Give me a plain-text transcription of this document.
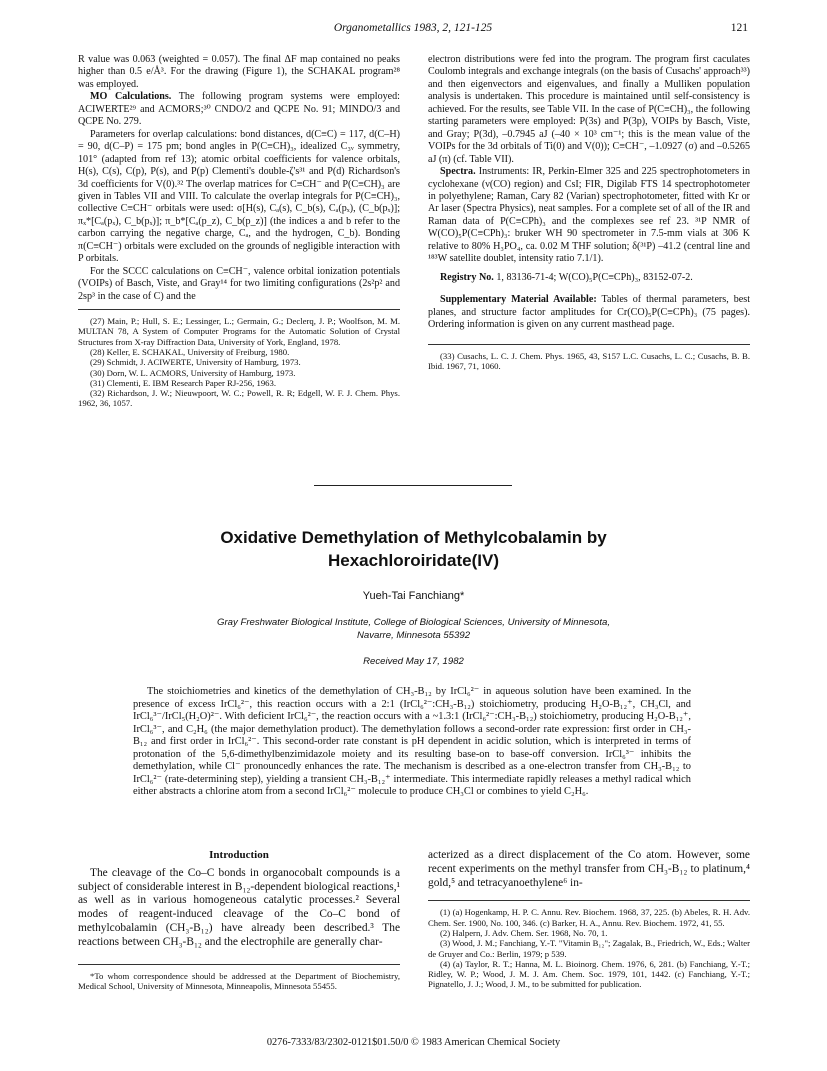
Organometallics 1983, 2, 121-125	121

R value was 0.063 (weighted = 0.057). The final ΔF map contained no peaks higher than 0.5 e/Å³. For the drawing (Figure 1), the SCHAKAL program²⁸ was employed.

MO Calculations. The following program systems were employed: ACIWERTE²⁹ and ACMORS;³⁰ CNDO/2 and QCPE No. 91; MINDO/3 and QCPE No. 279.

Parameters for overlap calculations: bond distances, d(C≡C) = 117, d(C–H) = 90, d(C–P) = 175 pm; bond angles in P(C≡CH)₃, idealized C₃ᵥ symmetry, 101° (adapted from ref 13); atomic orbital coefficients for valence orbitals, H(s), C(s), C(p), P(s), and P(p) Clementi's double-ζ's³¹ and P(d) Richardson's 3d coefficients for V(0).³² The overlap matrices for C≡CH⁻ and P(C≡CH)₃ are given in Tables VII and VIII. To calculate the overlap integrals for P(C≡CH)₃, collective C≡CH⁻ orbitals were used: σ[H(s), Cₐ(s), C_b(s), Cₐ(pₓ), (C_b(pₓ)]; πₓ*[Cₐ(pₓ), C_b(pₓ)]; π_b*[Cₐ(p_z), C_b(p_z)] (the indices a and b refer to the carbon carrying the negative charge, Cₐ, and the hydrogen, C_b). Bonding π(C≡CH⁻) orbitals were excluded on the grounds of negligible interaction with P orbitals.

For the SCCC calculations on C≡CH⁻, valence orbital ionization potentials (VOIPs) of Basch, Viste, and Gray¹⁴ for two limiting configurations (2s²p² and 2sp³ in the case of C) and the

(27) Main, P.; Hull, S. E.; Lessinger, L.; Germain, G.; Declerq, J. P.; Woolfson, M. M. MULTAN 78, A System of Computer Programs for the Automatic Solution of Crystal Structures from X-ray Diffraction Data, University of York, England, 1978.

(28) Keller, E. SCHAKAL, University of Freiburg, 1980.

(29) Schmidt, J. ACIWERTE, University of Hamburg, 1973.

(30) Dorn, W. L. ACMORS, University of Hamburg, 1973.

(31) Clementi, E. IBM Research Paper RJ-256, 1963.

(32) Richardson, J. W.; Nieuwpoort, W. C.; Powell, R. R; Edgell, W. F. J. Chem. Phys. 1962, 36, 1057.

electron distributions were fed into the program. The program first caculates Coulomb integrals and exchange integrals (on the basis of Cusachs' approach³³) and then eigenvectors and eigenvalues, and finally a Mulliken population analysis is undertaken. This procedure is maintained until self-consistency is achieved. For the results, see Table VII. In the case of P(C≡CH)₃, the following starting parameters were employed: P(3s) and P(3p), VOIPs by Basch, Viste, and Gray; P(3d), –0.7945 aJ (–40 × 10³ cm⁻¹; this is the mean value of the VOIPs for the 3d orbitals of Ti(0) and V(0)); C≡CH⁻, –1.0927 (σ) and –0.5265 aJ (π) (cf. Table VII).

Spectra. Instruments: IR, Perkin-Elmer 325 and 225 spectrophotometers in cyclohexane (ν(CO) region) and CsI; FIR, Digilab FTS 14 spectrophotometer in polyethylene; Raman, Cary 82 (Varian) spectrophotometer, fitted with Kr or Ar laser (Spectra Physics), neat samples. For a complete set of all of the IR and Raman data of P(C≡CPh)₃ and the complexes see ref 23. ³¹P NMR of W(CO)₅P(C≡CPh)₃: bruker WH 90 spectrometer in 7.5-mm vials at 306 K relative to 80% H₃PO₄, ca. 0.02 M THF solution; δ(³¹P) –41.2 (central line and ¹⁸³W satellite doublet, intensity ratio 7.1/1).

Registry No. 1, 83136-71-4; W(CO)₅P(C≡CPh)₃, 83152-07-2.

Supplementary Material Available: Tables of thermal parameters, best planes, and structure factor amplitudes for Cr(CO)₅P(C≡CPh)₃ (75 pages). Ordering information is given on any current masthead page.

(33) Cusachs, L. C. J. Chem. Phys. 1965, 43, S157 L.C. Cusachs, L. C.; Cusachs, B. B. Ibid. 1967, 71, 1060.

Oxidative Demethylation of Methylcobalamin by
Hexachloroiridate(IV)
Yueh-Tai Fanchiang*
Gray Freshwater Biological Institute, College of Biological Sciences, University of Minnesota,
Navarre, Minnesota 55392
Received May 17, 1982
The stoichiometries and kinetics of the demethylation of CH₃-B₁₂ by IrCl₆²⁻ in aqueous solution have been examined. In the presence of excess IrCl₆²⁻, this reaction occurs with a 2:1 (IrCl₆²⁻:CH₃-B₁₂) stoichiometry, producing H₂O-B₁₂⁺, CH₃Cl, and IrCl₆³⁻/IrCl₅(H₂O)²⁻. With deficient IrCl₆²⁻, the reaction occurs with a ~1.3:1 (IrCl₆²⁻:CH₃-B₁₂) stoichiometry, producing H₂O-B₁₂⁺, IrCl₆³⁻, and C₂H₆ (the major demethylation product). The demethylation follows a second-order rate expression: first order in CH₃-B₁₂ and first order in IrCl₆²⁻. This second-order rate constant is pH dependent in acidic solution, which is interpreted in terms of protonation of the 5,6-dimethylbenzimidazole moiety and its resulting base-on to base-off conversion. IrCl₆³⁻ inhibits the demethylation, while Cl⁻ pronouncedly enhances the rate. The mechanism is described as a one-electron transfer from CH₃-B₁₂ to IrCl₆²⁻ (rate-determining step), yielding a transient CH₃-B₁₂⁺ intermediate. This intermediate rapidly releases a methyl radical which either abstracts a chlorine atom from a second IrCl₆²⁻ molecule to produce CH₃Cl or combines to yield C₂H₆.
Introduction

The cleavage of the Co–C bonds in organocobalt compounds is a subject of considerable interest in B₁₂-dependent biological reactions,¹ as well as in various homogeneous catalytic processes.² Several modes of reagent-induced cleavage of the Co–C bond of methylcobalamin (CH₃-B₁₂) have already been described.³ The reactions between CH₃-B₁₂ and the electrophile are generally char-

*To whom correspondence should be addressed at the Department of Biochemistry, Medical School, University of Minnesota, Minneapolis, Minnesota 55455.

acterized as a direct displacement of the Co atom. However, some recent experiments on the methyl transfer from CH₃-B₁₂ to platinum,⁴ gold,⁵ and tetracyanoethylene⁶ in-

(1) (a) Hogenkamp, H. P. C. Annu. Rev. Biochem. 1968, 37, 225. (b) Abeles, R. H. Adv. Chem. Ser. 1900, No. 100, 346. (c) Barker, H. A., Annu. Rev. Biochem. 1972, 41, 55.

(2) Halpern, J. Adv. Chem. Ser. 1968, No. 70, 1.

(3) Wood, J. M.; Fanchiang, Y.-T. "Vitamin B₁₂"; Zagalak, B., Friedrich, W., Eds.; Walter de Gruyer and Co.: Berlin, 1979; p 539.

(4) (a) Taylor, R. T.; Hanna, M. L. Bioinorg. Chem. 1976, 6, 281. (b) Fanchiang, Y.-T.; Ridley, W. P.; Wood, J. M. J. Am. Chem. Soc. 1979, 101, 1442. (c) Fanchiang, Y.-T.; Pignatello, J. J.; Wood, J. M., to be submitted for publication.

0276-7333/83/2302-0121$01.50/0 © 1983 American Chemical Society
